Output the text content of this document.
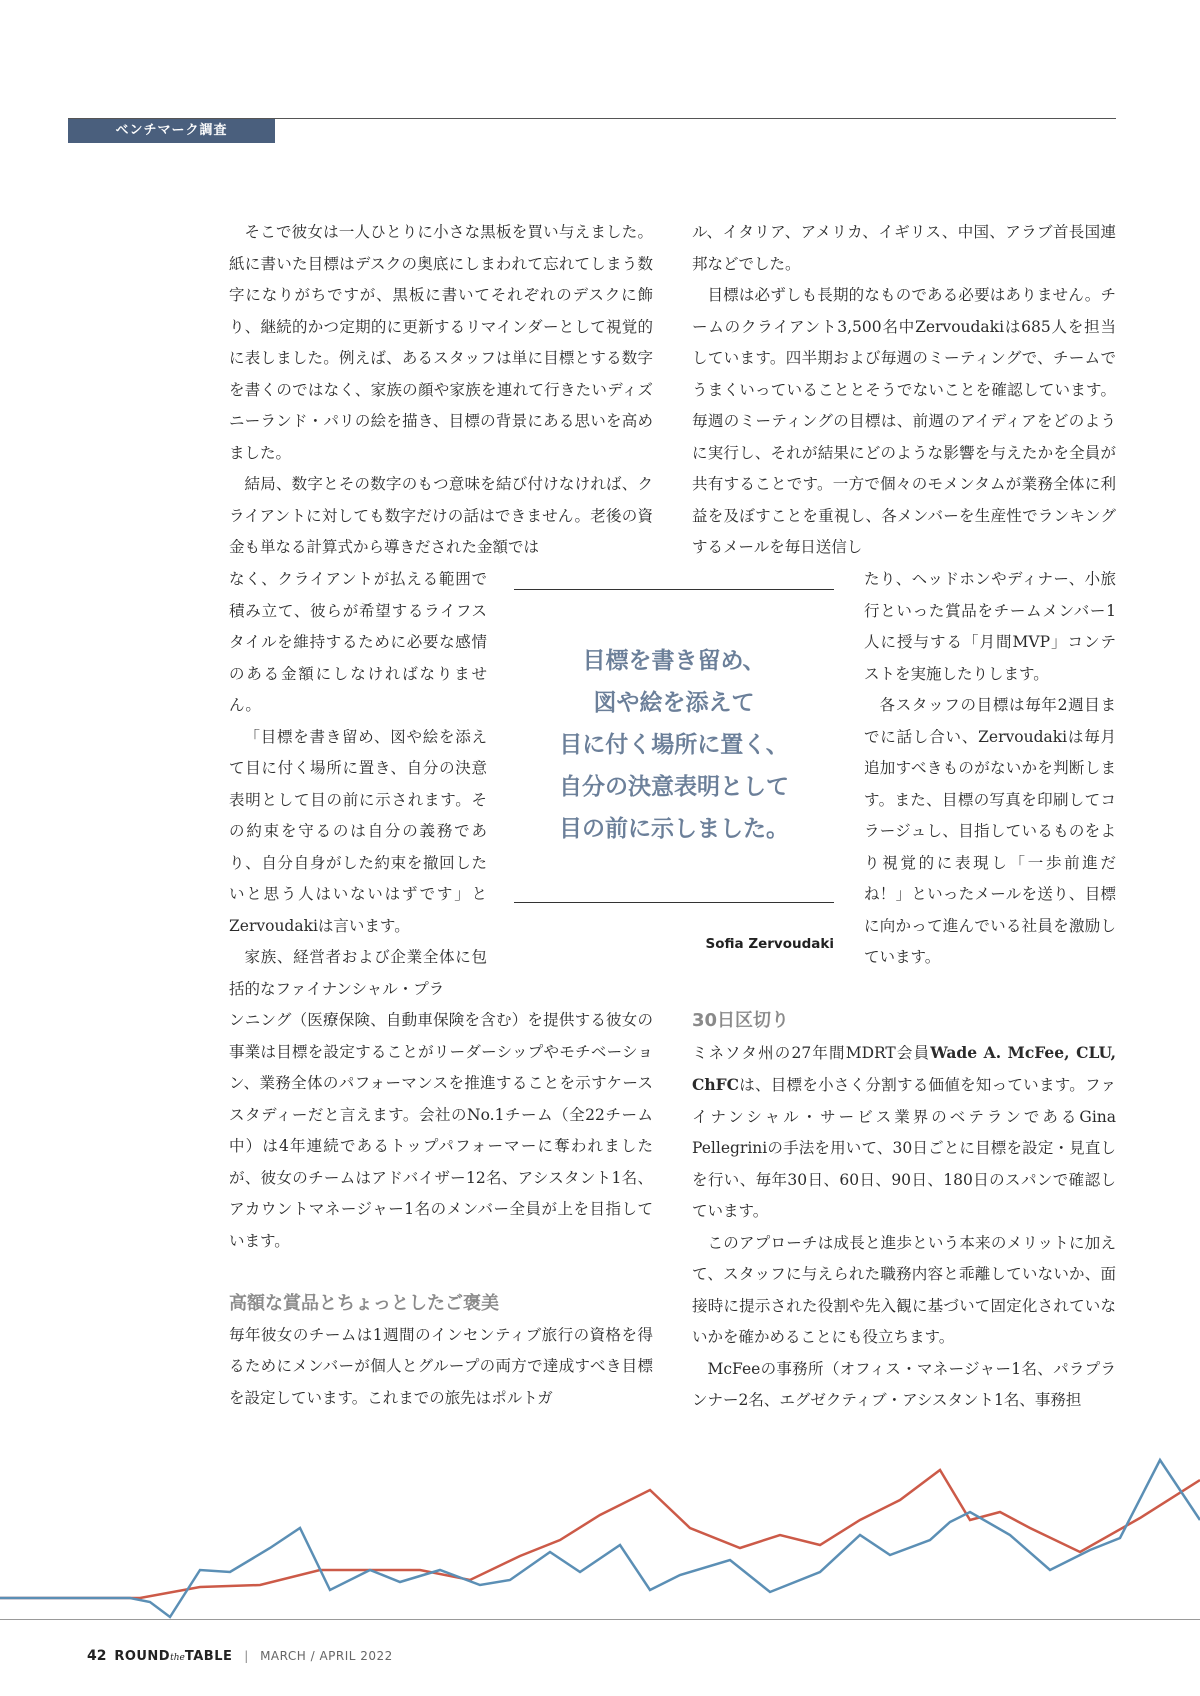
ベンチマーク調査

そこで彼女は一人ひとりに小さな黒板を買い与えました。紙に書いた目標はデスクの奥底にしまわれて忘れてしまう数字になりがちですが、黒板に書いてそれぞれのデスクに飾り、継続的かつ定期的に更新するリマインダーとして視覚的に表しました。例えば、あるスタッフは単に目標とする数字を書くのではなく、家族の顔や家族を連れて行きたいディズニーランド・パリの絵を描き、目標の背景にある思いを高めました。

結局、数字とその数字のもつ意味を結び付けなければ、クライアントに対しても数字だけの話はできません。老後の資金も単なる計算式から導きだされた金額では

なく、クライアントが払える範囲で積み立て、彼らが希望するライフスタイルを維持するために必要な感情のある金額にしなければなりません。

「目標を書き留め、図や絵を添えて目に付く場所に置き、自分の決意表明として目の前に示されます。その約束を守るのは自分の義務であり、自分自身がした約束を撤回したいと思う人はいないはずです」とZervoudakiは言います。

家族、経営者および企業全体に包括的なファイナンシャル・プラ

ンニング（医療保険、自動車保険を含む）を提供する彼女の事業は目標を設定することがリーダーシップやモチベーション、業務全体のパフォーマンスを推進することを示すケーススタディーだと言えます。会社のNo.1チーム（全22チーム中）は4年連続であるトップパフォーマーに奪われましたが、彼女のチームはアドバイザー12名、アシスタント1名、アカウントマネージャー1名のメンバー全員が上を目指しています。

高額な賞品とちょっとしたご褒美

毎年彼女のチームは1週間のインセンティブ旅行の資格を得るためにメンバーが個人とグループの両方で達成すべき目標を設定しています。これまでの旅先はポルトガ

ル、イタリア、アメリカ、イギリス、中国、アラブ首長国連邦などでした。

目標は必ずしも長期的なものである必要はありません。チームのクライアント3,500名中Zervoudakiは685人を担当しています。四半期および毎週のミーティングで、チームでうまくいっていることとそうでないことを確認しています。毎週のミーティングの目標は、前週のアイディアをどのように実行し、それが結果にどのような影響を与えたかを全員が共有することです。一方で個々のモメンタムが業務全体に利益を及ぼすことを重視し、各メンバーを生産性でランキングするメールを毎日送信し

たり、ヘッドホンやディナー、小旅行といった賞品をチームメンバー1人に授与する「月間MVP」コンテストを実施したりします。

各スタッフの目標は毎年2週目までに話し合い、Zervoudakiは毎月追加すべきものがないかを判断します。また、目標の写真を印刷してコラージュし、目指しているものをより視覚的に表現し「一歩前進だね！」といったメールを送り、目標に向かって進んでいる社員を激励しています。

30日区切り

ミネソタ州の27年間MDRT会員Wade A. McFee, CLU, ChFCは、目標を小さく分割する価値を知っています。ファイナンシャル・サービス業界のベテランであるGina Pellegriniの手法を用いて、30日ごとに目標を設定・見直しを行い、毎年30日、60日、90日、180日のスパンで確認しています。

このアプローチは成長と進歩という本来のメリットに加えて、スタッフに与えられた職務内容と乖離していないか、面接時に提示された役割や先入観に基づいて固定化されていないかを確かめることにも役立ちます。

McFeeの事務所（オフィス・マネージャー1名、パラプランナー2名、エグゼクティブ・アシスタント1名、事務担

目標を書き留め、
図や絵を添えて
目に付く場所に置く、
自分の決意表明として
目の前に示しました。
Sofia Zervoudaki
42 ROUNDtheTABLE | MARCH / APRIL 2022
